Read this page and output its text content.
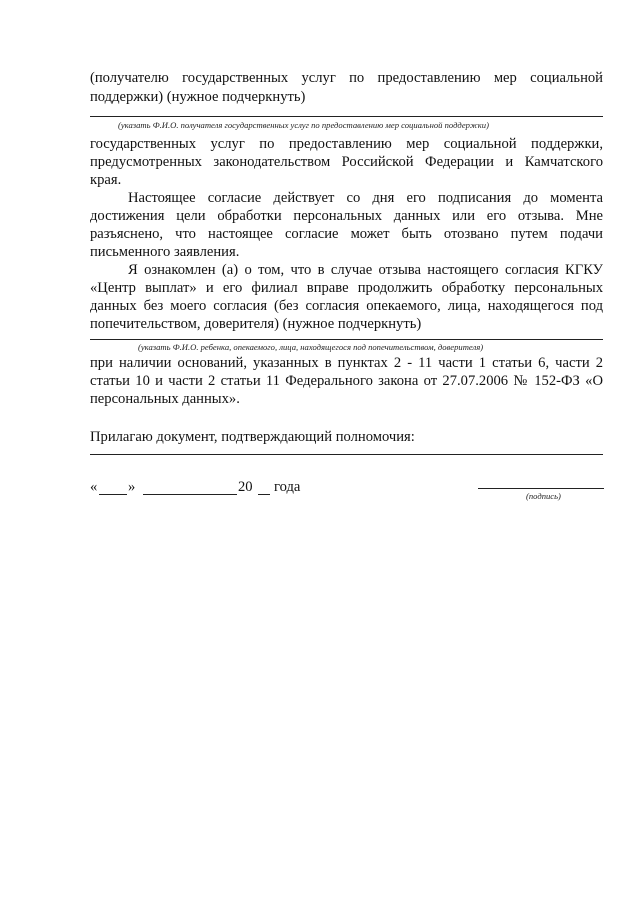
(получателю государственных услуг по предоставлению мер социальной
поддержки) (нужное подчеркнуть)
(указать Ф.И.О. получателя государственных услуг по предоставлению мер социальной поддержки)
государственных услуг по предоставлению мер социальной поддержки,
предусмотренных законодательством Российской Федерации и Камчатского
края.
Настоящее согласие действует со дня его подписания до момента
достижения цели обработки персональных данных или его отзыва. Мне
разъяснено, что настоящее согласие может быть отозвано путем подачи
письменного заявления.
Я ознакомлен (а) о том, что в случае отзыва настоящего согласия КГКУ
«Центр выплат» и его филиал вправе продолжить обработку персональных
данных без моего согласия (без согласия опекаемого, лица, находящегося под
попечительством, доверителя) (нужное подчеркнуть)
(указать Ф.И.О. ребенка, опекаемого, лица, находящегося под попечительством, доверителя)
при наличии оснований, указанных в пунктах 2 - 11 части 1 статьи 6, части 2
статьи 10 и части 2 статьи 11 Федерального закона от 27.07.2006 № 152-ФЗ «О
персональных данных».
Прилагаю документ, подтверждающий полномочия:
« »	20 года
(подпись)
